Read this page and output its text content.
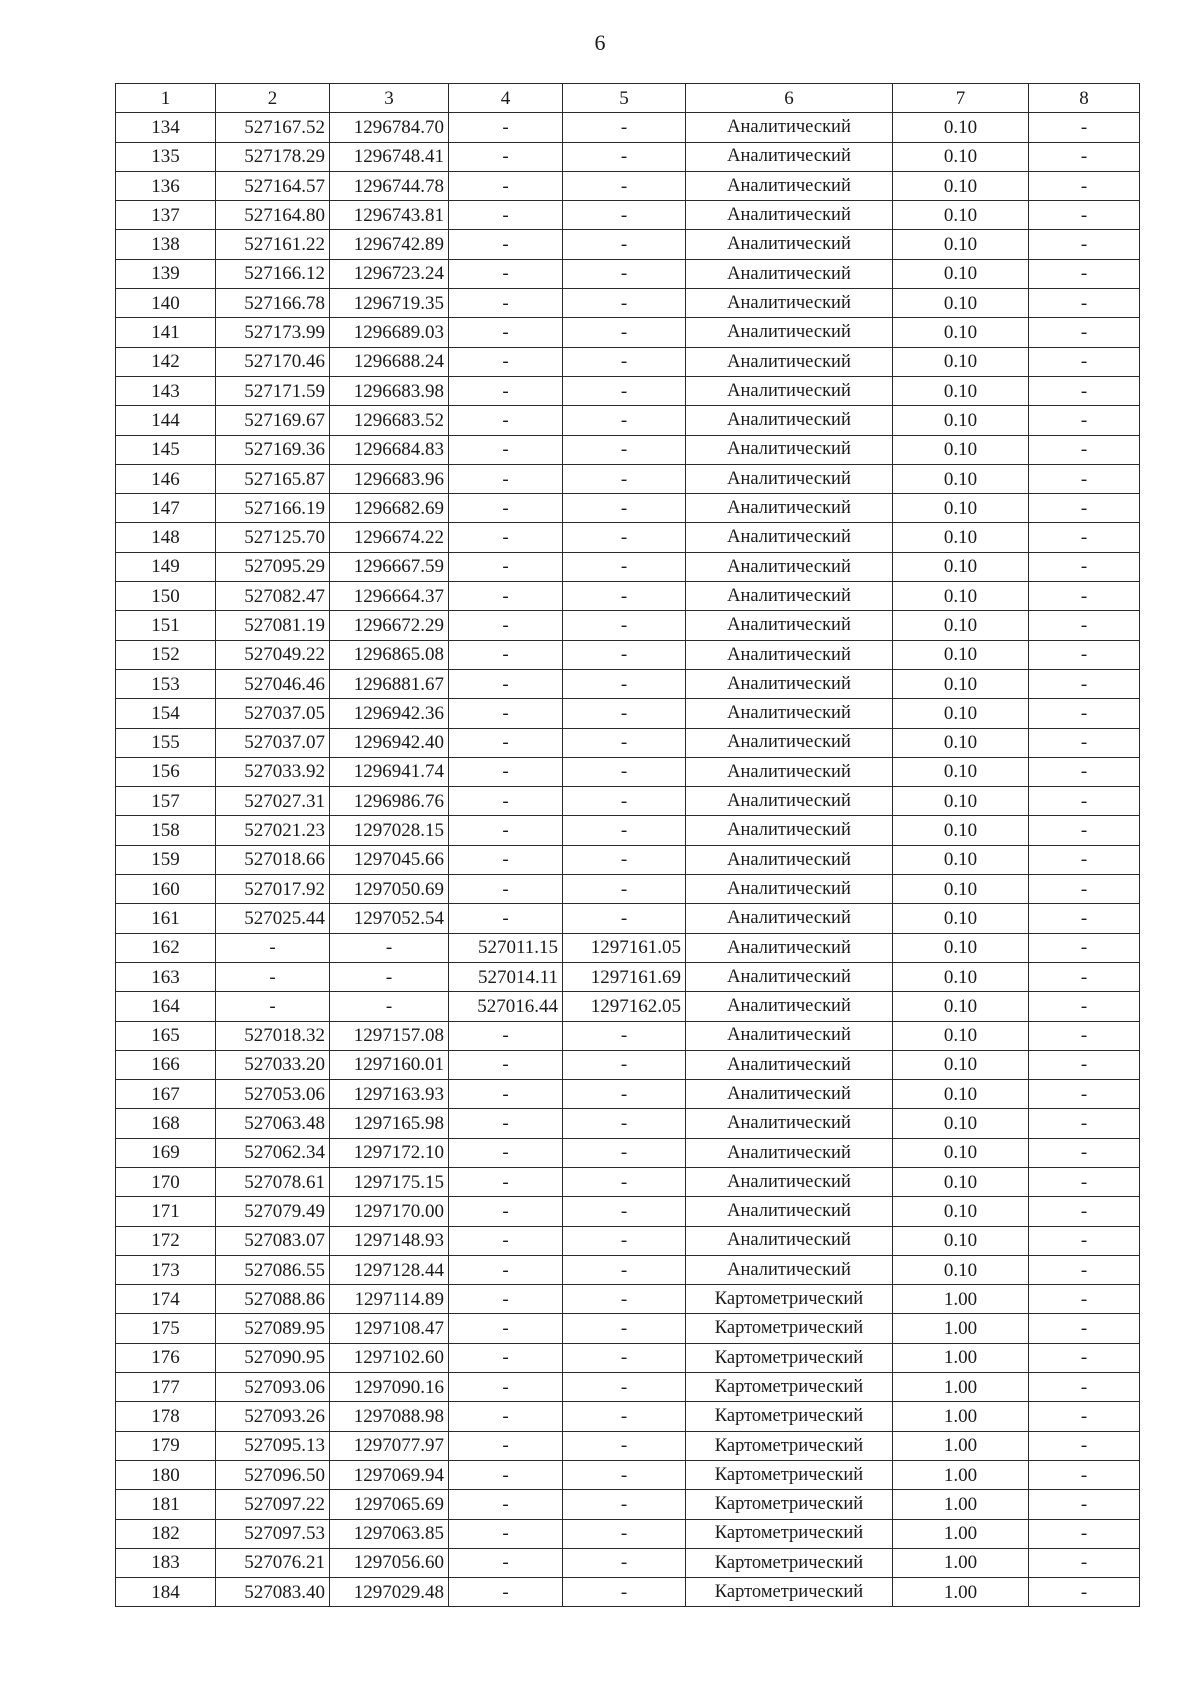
6
1	2	3	4	5	6	7	8
134	527167.52	1296784.70	-	-	Аналитический	0.10	-
135	527178.29	1296748.41	-	-	Аналитический	0.10	-
136	527164.57	1296744.78	-	-	Аналитический	0.10	-
137	527164.80	1296743.81	-	-	Аналитический	0.10	-
138	527161.22	1296742.89	-	-	Аналитический	0.10	-
139	527166.12	1296723.24	-	-	Аналитический	0.10	-
140	527166.78	1296719.35	-	-	Аналитический	0.10	-
141	527173.99	1296689.03	-	-	Аналитический	0.10	-
142	527170.46	1296688.24	-	-	Аналитический	0.10	-
143	527171.59	1296683.98	-	-	Аналитический	0.10	-
144	527169.67	1296683.52	-	-	Аналитический	0.10	-
145	527169.36	1296684.83	-	-	Аналитический	0.10	-
146	527165.87	1296683.96	-	-	Аналитический	0.10	-
147	527166.19	1296682.69	-	-	Аналитический	0.10	-
148	527125.70	1296674.22	-	-	Аналитический	0.10	-
149	527095.29	1296667.59	-	-	Аналитический	0.10	-
150	527082.47	1296664.37	-	-	Аналитический	0.10	-
151	527081.19	1296672.29	-	-	Аналитический	0.10	-
152	527049.22	1296865.08	-	-	Аналитический	0.10	-
153	527046.46	1296881.67	-	-	Аналитический	0.10	-
154	527037.05	1296942.36	-	-	Аналитический	0.10	-
155	527037.07	1296942.40	-	-	Аналитический	0.10	-
156	527033.92	1296941.74	-	-	Аналитический	0.10	-
157	527027.31	1296986.76	-	-	Аналитический	0.10	-
158	527021.23	1297028.15	-	-	Аналитический	0.10	-
159	527018.66	1297045.66	-	-	Аналитический	0.10	-
160	527017.92	1297050.69	-	-	Аналитический	0.10	-
161	527025.44	1297052.54	-	-	Аналитический	0.10	-
162	-	-	527011.15	1297161.05	Аналитический	0.10	-
163	-	-	527014.11	1297161.69	Аналитический	0.10	-
164	-	-	527016.44	1297162.05	Аналитический	0.10	-
165	527018.32	1297157.08	-	-	Аналитический	0.10	-
166	527033.20	1297160.01	-	-	Аналитический	0.10	-
167	527053.06	1297163.93	-	-	Аналитический	0.10	-
168	527063.48	1297165.98	-	-	Аналитический	0.10	-
169	527062.34	1297172.10	-	-	Аналитический	0.10	-
170	527078.61	1297175.15	-	-	Аналитический	0.10	-
171	527079.49	1297170.00	-	-	Аналитический	0.10	-
172	527083.07	1297148.93	-	-	Аналитический	0.10	-
173	527086.55	1297128.44	-	-	Аналитический	0.10	-
174	527088.86	1297114.89	-	-	Картометрический	1.00	-
175	527089.95	1297108.47	-	-	Картометрический	1.00	-
176	527090.95	1297102.60	-	-	Картометрический	1.00	-
177	527093.06	1297090.16	-	-	Картометрический	1.00	-
178	527093.26	1297088.98	-	-	Картометрический	1.00	-
179	527095.13	1297077.97	-	-	Картометрический	1.00	-
180	527096.50	1297069.94	-	-	Картометрический	1.00	-
181	527097.22	1297065.69	-	-	Картометрический	1.00	-
182	527097.53	1297063.85	-	-	Картометрический	1.00	-
183	527076.21	1297056.60	-	-	Картометрический	1.00	-
184	527083.40	1297029.48	-	-	Картометрический	1.00	-
